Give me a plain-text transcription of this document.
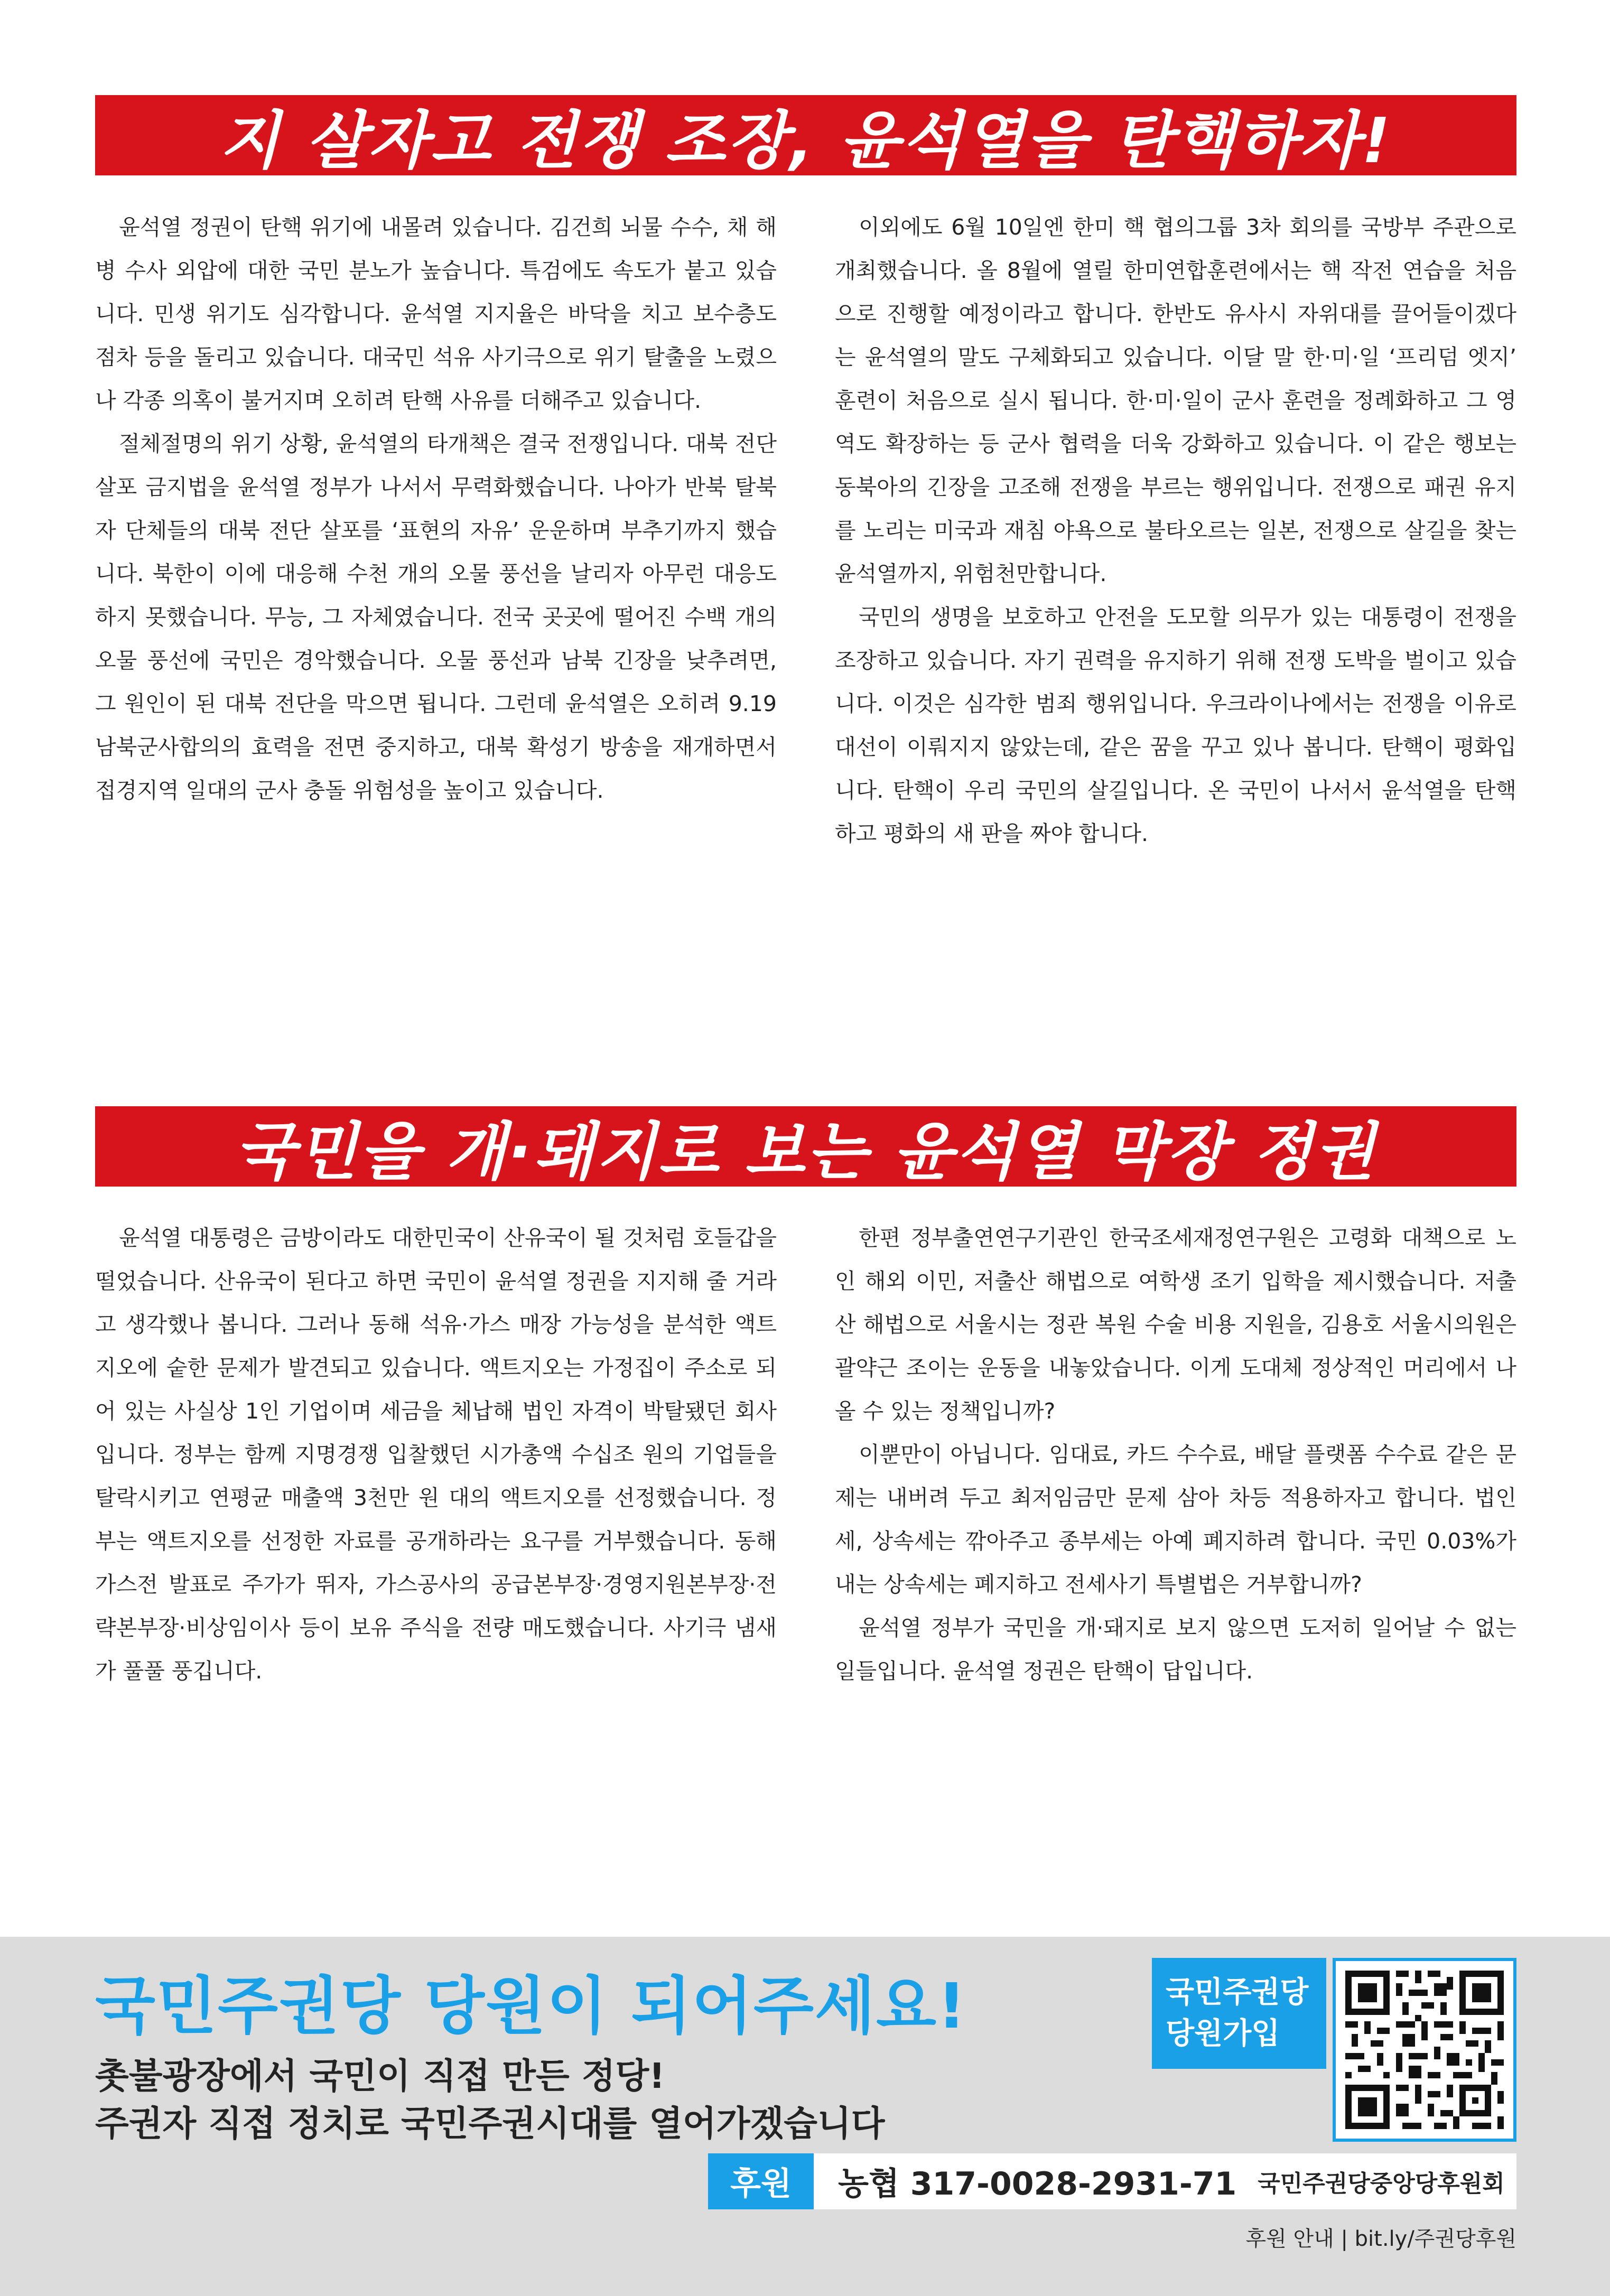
지 살자고 전쟁 조장, 윤석열을 탄핵하자!

윤석열 정권이 탄핵 위기에 내몰려 있습니다. 김건희 뇌물 수수, 채 해병 수사 외압에 대한 국민 분노가 높습니다. 특검에도 속도가 붙고 있습니다. 민생 위기도 심각합니다. 윤석열 지지율은 바닥을 치고 보수층도 점차 등을 돌리고 있습니다. 대국민 석유 사기극으로 위기 탈출을 노렸으나 각종 의혹이 불거지며 오히려 탄핵 사유를 더해주고 있습니다.

절체절명의 위기 상황, 윤석열의 타개책은 결국 전쟁입니다. 대북 전단 살포 금지법을 윤석열 정부가 나서서 무력화했습니다. 나아가 반북 탈북자 단체들의 대북 전단 살포를 ‘표현의 자유’ 운운하며 부추기까지 했습니다. 북한이 이에 대응해 수천 개의 오물 풍선을 날리자 아무런 대응도 하지 못했습니다. 무능, 그 자체였습니다. 전국 곳곳에 떨어진 수백 개의 오물 풍선에 국민은 경악했습니다. 오물 풍선과 남북 긴장을 낮추려면, 그 원인이 된 대북 전단을 막으면 됩니다. 그런데 윤석열은 오히려 9.19남북군사합의의 효력을 전면 중지하고, 대북 확성기 방송을 재개하면서 접경지역 일대의 군사 충돌 위험성을 높이고 있습니다.

이외에도 6월 10일엔 한미 핵 협의그룹 3차 회의를 국방부 주관으로 개최했습니다. 올 8월에 열릴 한미연합훈련에서는 핵 작전 연습을 처음으로 진행할 예정이라고 합니다. 한반도 유사시 자위대를 끌어들이겠다는 윤석열의 말도 구체화되고 있습니다. 이달 말 한·미·일 ‘프리덤 엣지’ 훈련이 처음으로 실시 됩니다. 한·미·일이 군사 훈련을 정례화하고 그 영역도 확장하는 등 군사 협력을 더욱 강화하고 있습니다. 이 같은 행보는 동북아의 긴장을 고조해 전쟁을 부르는 행위입니다. 전쟁으로 패권 유지를 노리는 미국과 재침 야욕으로 불타오르는 일본, 전쟁으로 살길을 찾는 윤석열까지, 위험천만합니다.

국민의 생명을 보호하고 안전을 도모할 의무가 있는 대통령이 전쟁을 조장하고 있습니다. 자기 권력을 유지하기 위해 전쟁 도박을 벌이고 있습니다. 이것은 심각한 범죄 행위입니다. 우크라이나에서는 전쟁을 이유로 대선이 이뤄지지 않았는데, 같은 꿈을 꾸고 있나 봅니다. 탄핵이 평화입니다. 탄핵이 우리 국민의 살길입니다. 온 국민이 나서서 윤석열을 탄핵하고 평화의 새 판을 짜야 합니다.

국민을 개·돼지로 보는 윤석열 막장 정권

윤석열 대통령은 금방이라도 대한민국이 산유국이 될 것처럼 호들갑을 떨었습니다. 산유국이 된다고 하면 국민이 윤석열 정권을 지지해 줄 거라고 생각했나 봅니다. 그러나 동해 석유·가스 매장 가능성을 분석한 액트지오에 숱한 문제가 발견되고 있습니다. 액트지오는 가정집이 주소로 되어 있는 사실상 1인 기업이며 세금을 체납해 법인 자격이 박탈됐던 회사입니다. 정부는 함께 지명경쟁 입찰했던 시가총액 수십조 원의 기업들을 탈락시키고 연평균 매출액 3천만 원 대의 액트지오를 선정했습니다. 정부는 액트지오를 선정한 자료를 공개하라는 요구를 거부했습니다. 동해 가스전 발표로 주가가 뛰자, 가스공사의 공급본부장·경영지원본부장·전략본부장·비상임이사 등이 보유 주식을 전량 매도했습니다. 사기극 냄새가 풀풀 풍깁니다.

한편 정부출연연구기관인 한국조세재정연구원은 고령화 대책으로 노인 해외 이민, 저출산 해법으로 여학생 조기 입학을 제시했습니다. 저출산 해법으로 서울시는 정관 복원 수술 비용 지원을, 김용호 서울시의원은 괄약근 조이는 운동을 내놓았습니다. 이게 도대체 정상적인 머리에서 나올 수 있는 정책입니까?

이뿐만이 아닙니다. 임대료, 카드 수수료, 배달 플랫폼 수수료 같은 문제는 내버려 두고 최저임금만 문제 삼아 차등 적용하자고 합니다. 법인세, 상속세는 깎아주고 종부세는 아예 폐지하려 합니다. 국민 0.03%가 내는 상속세는 폐지하고 전세사기 특별법은 거부합니까?

윤석열 정부가 국민을 개·돼지로 보지 않으면 도저히 일어날 수 없는 일들입니다. 윤석열 정권은 탄핵이 답입니다.

국민주권당 당원이 되어주세요!
촛불광장에서 국민이 직접 만든 정당!
주권자 직접 정치로 국민주권시대를 열어가겠습니다
국민주권당
당원가입
후원	농협 317-0028-2931-71 국민주권당중앙당후원회
후원 안내 | bit.ly/주권당후원
